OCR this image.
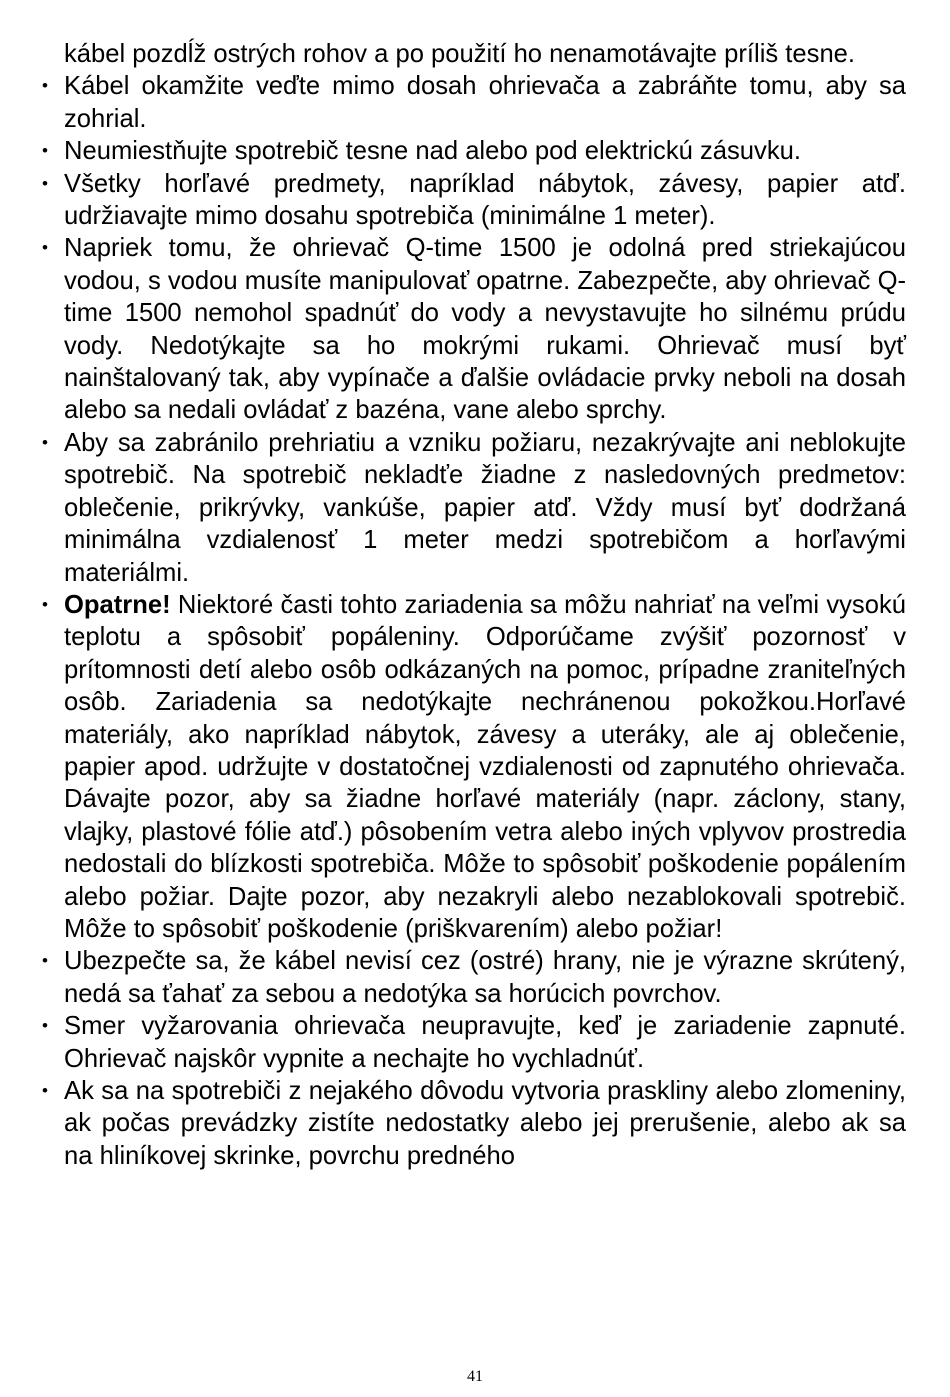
kábel pozdĺž ostrých rohov a po použití ho nenamotávajte príliš tesne.

• Kábel okamžite veďte mimo dosah ohrievača a zabráňte tomu, aby sa zohrial.
• Neumiestňujte spotrebič tesne nad alebo pod elektrickú zásuvku.
• Všetky horľavé predmety, napríklad nábytok, závesy, papier atď. udržiavajte mimo dosahu spotrebiča (minimálne 1 meter).
• Napriek tomu, že ohrievač Q-time 1500 je odolná pred striekajúcou vodou, s vodou musíte manipulovať opatrne. Zabezpečte, aby ohrievač Q-time 1500 nemohol spadnúť do vody a nevystavujte ho silnému prúdu vody. Nedotýkajte sa ho mokrými rukami. Ohrievač musí byť nainštalovaný tak, aby vypínače a ďalšie ovládacie prvky neboli na dosah alebo sa nedali ovládať z bazéna, vane alebo sprchy.
• Aby sa zabránilo prehriatiu a vzniku požiaru, nezakrývajte ani neblokujte spotrebič. Na spotrebič nekladťe žiadne z nasledovných predmetov: oblečenie, prikrývky, vankúše, papier atď. Vždy musí byť dodržaná minimálna vzdialenosť 1 meter medzi spotrebičom a horľavými materiálmi.
• Opatrne! Niektoré časti tohto zariadenia sa môžu nahriať na veľmi vysokú teplotu a spôsobiť popáleniny. Odporúčame zvýšiť pozornosť v prítomnosti detí alebo osôb odkázaných na pomoc, prípadne zraniteľných osôb. Zariadenia sa nedotýkajte nechránenou pokožkou.Horľavé materiály, ako napríklad nábytok, závesy a uteráky, ale aj oblečenie, papier apod. udržujte v dostatočnej vzdialenosti od zapnutého ohrievača. Dávajte pozor, aby sa žiadne horľavé materiály (napr. záclony, stany, vlajky, plastové fólie atď.) pôsobením vetra alebo iných vplyvov prostredia nedostali do blízkosti spotrebiča. Môže to spôsobiť poškodenie popálením alebo požiar. Dajte pozor, aby nezakryli alebo nezablokovali spotrebič. Môže to spôsobiť poškodenie (priškvarením) alebo požiar!
• Ubezpečte sa, že kábel nevisí cez (ostré) hrany, nie je výrazne skrútený, nedá sa ťahať za sebou a nedotýka sa horúcich povrchov.
• Smer vyžarovania ohrievača neupravujte, keď je zariadenie zapnuté. Ohrievač najskôr vypnite a nechajte ho vychladnúť.
• Ak sa na spotrebiči z nejakého dôvodu vytvoria praskliny alebo zlomeniny, ak počas prevádzky zistíte nedostatky alebo jej prerušenie, alebo ak sa na hliníkovej skrinke, povrchu predného
41
